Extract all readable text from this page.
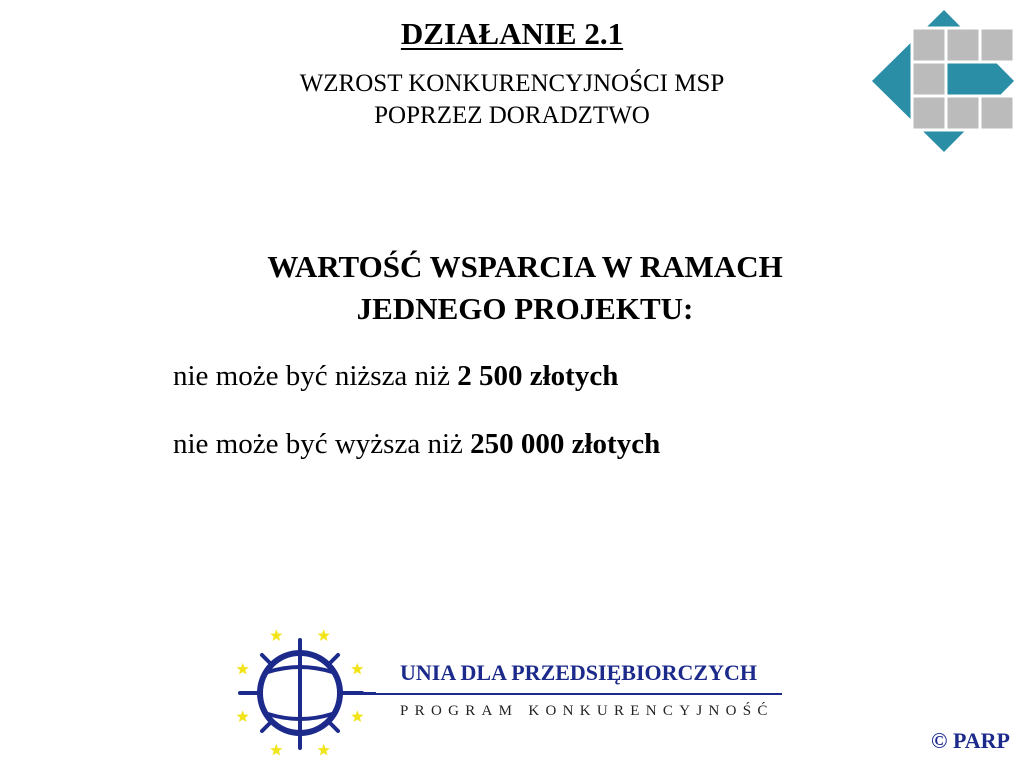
DZIAŁANIE 2.1
WZROST KONKURENCYJNOŚCI MSP
POPRZEZ DORADZTWO
WARTOŚĆ WSPARCIA W RAMACH
JEDNEGO PROJEKTU:
nie może być niższa niż 2 500 złotych
nie może być wyższa niż 250 000 złotych
UNIA DLA PRZEDSIĘBIORCZYCH
PROGRAM KONKURENCYJNOŚĆ
© PARP
